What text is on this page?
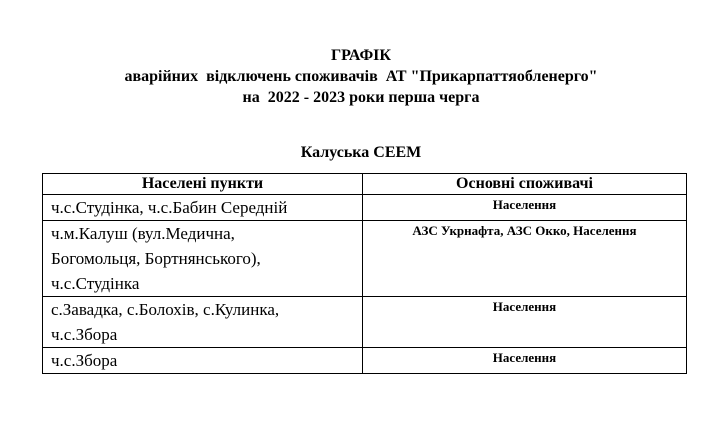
ГРАФІК
аварійних  відключень споживачів  АТ "Прикарпаттяобленерго"
на  2022 - 2023 роки перша черга
Калуська СЕЕМ
Населені пункти	Основні споживачі

ч.с.Студінка, ч.с.Бабин Середній	Населення

ч.м.Калуш (вул.Медична,
Богомольця, Бортнянського),
ч.с.Студінка	АЗС Укрнафта, АЗС Окко, Населення

с.Завадка, с.Болохів, с.Кулинка,
ч.с.Збора	Населення

ч.с.Збора	Населення
